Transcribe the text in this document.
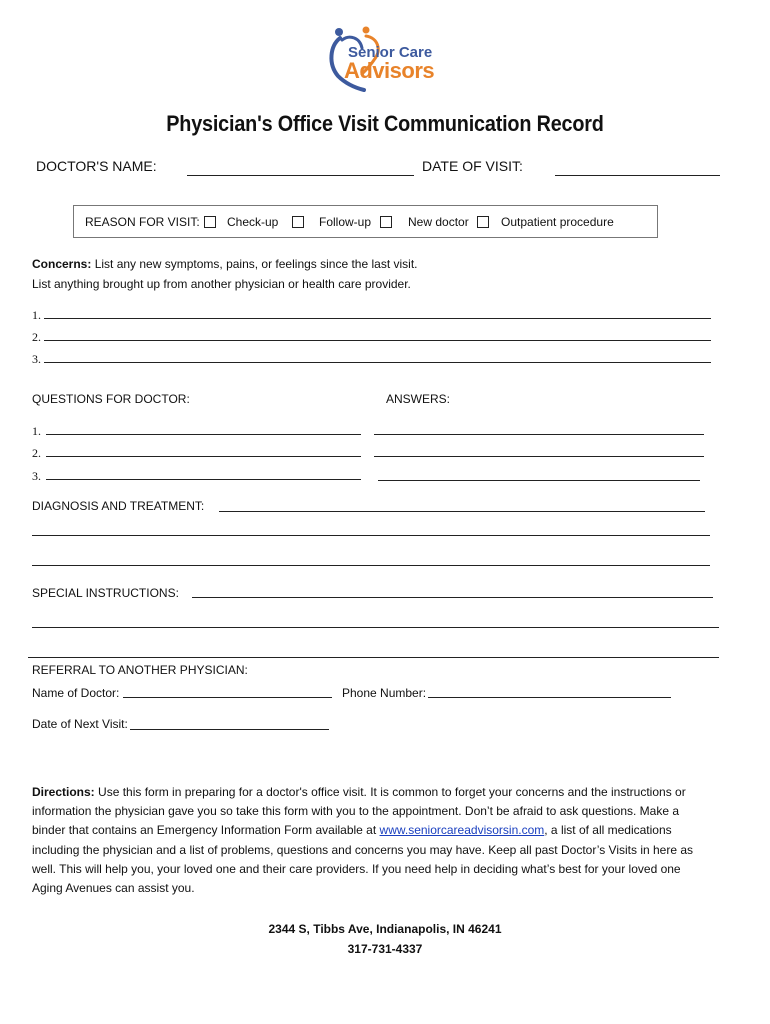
Senior Care
Advisors
Physician's Office Visit Communication Record
DOCTOR'S NAME:	DATE OF VISIT:
REASON FOR VISIT: Check-up	Follow-up	New doctor	Outpatient procedure
Concerns: List any new symptoms, pains, or feelings since the last visit.
List anything brought up from another physician or health care provider.
1.
2.
3.
QUESTIONS FOR DOCTOR:	ANSWERS:
1.
2.
3.
DIAGNOSIS AND TREATMENT:
SPECIAL INSTRUCTIONS:
REFERRAL TO ANOTHER PHYSICIAN:
Name of Doctor:	Phone Number:
Date of Next Visit:
Directions: Use this form in preparing for a doctor's office visit. It is common to forget your concerns and the instructions or information the physician gave you so take this form with you to the appointment. Don’t be afraid to ask questions. Make a binder that contains an Emergency Information Form available at www.seniorcareadvisorsin.com, a list of all medications including the physician and a list of problems, questions and concerns you may have. Keep all past Doctor’s Visits in here as well. This will help you, your loved one and their care providers. If you need help in deciding what’s best for your loved one Aging Avenues can assist you.
2344 S, Tibbs Ave, Indianapolis, IN 46241
317-731-4337
